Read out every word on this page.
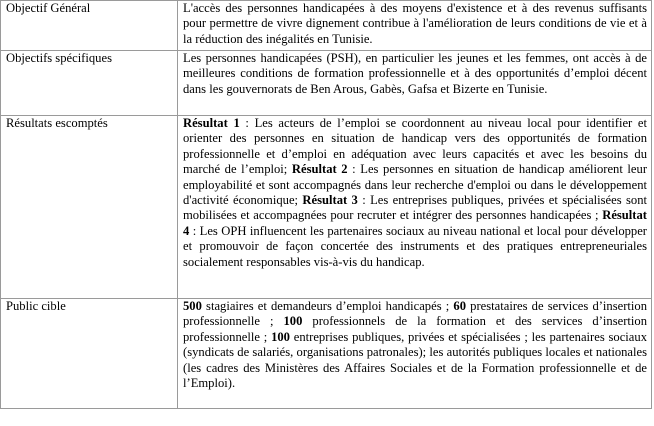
Objectif Général	L'accès des personnes handicapées à des moyens d'existence et à des revenus suffisants pour permettre de vivre dignement contribue à l'amélioration de leurs conditions de vie et à la réduction des inégalités en Tunisie.
Objectifs spécifiques	Les personnes handicapées (PSH), en particulier les jeunes et les femmes, ont accès à de meilleures conditions de formation professionnelle et à des opportunités d’emploi décent dans les gouvernorats de Ben Arous, Gabès, Gafsa et Bizerte en Tunisie.
Résultats escomptés	Résultat 1 : Les acteurs de l’emploi se coordonnent au niveau local pour identifier et orienter des personnes en situation de handicap vers des opportunités de formation professionnelle et d’emploi en adéquation avec leurs capacités et avec les besoins du marché de l’emploi; Résultat 2 : Les personnes en situation de handicap améliorent leur employabilité et sont accompagnés dans leur recherche d'emploi ou dans le développement d'activité économique; Résultat 3 : Les entreprises publiques, privées et spécialisées sont mobilisées et accompagnées pour recruter et intégrer des personnes handicapées ; Résultat 4 : Les OPH influencent les partenaires sociaux au niveau national et local pour développer et promouvoir de façon concertée des instruments et des pratiques entrepreneuriales socialement responsables vis-à-vis du handicap.
Public cible	500 stagiaires et demandeurs d’emploi handicapés ; 60 prestataires de services d’insertion professionnelle ; 100 professionnels de la formation et des services d’insertion professionnelle ; 100 entreprises publiques, privées et spécialisées ; les partenaires sociaux (syndicats de salariés, organisations patronales); les autorités publiques locales et nationales (les cadres des Ministères des Affaires Sociales et de la Formation professionnelle et de l’Emploi).
